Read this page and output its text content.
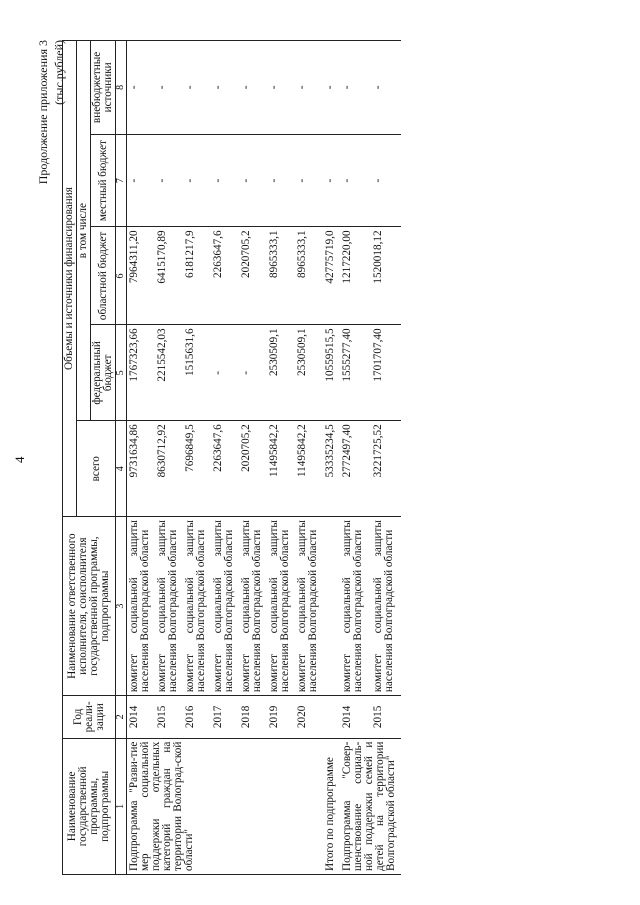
4
Продолжение приложения 3 (тыс.рублей)
Наименование государственной программы, подпрограммы	Год реали-зации	Наименование ответственного исполнителя, соисполнителя государственной программы, подпрограммы	Объемы и источники финансирования				
			всего	в том числе			
				федеральный бюджет	областной бюджет	местный бюджет	внебюджетные источники
1	2	3	4	5	6	7	8
Подпрограмма "Разви-тие мер социальной поддержки отдельных категорий граждан на территории Волоград-ской области"	2014	комитет социальной защиты населения Волгоградской области	9731634,86	1767323,66	7964311,20	-	-
	2015	комитет социальной защиты населения Волгоградской области	8630712,92	2215542,03	6415170,89	-	-
	2016	комитет социальной защиты населения Волгоградской области	7696849,5	1515631,6	6181217,9	-	-
	2017	комитет социальной защиты населения Волгоградской области	2263647,6	-	2263647,6	-	-
	2018	комитет социальной защиты населения Волгоградской области	2020705,2	-	2020705,2	-	-
	2019	комитет социальной защиты населения Волгоградской области	11495842,2	2530509,1	8965333,1	-	-
	2020	комитет социальной защиты населения Волгоградской области	11495842,2	2530509,1	8965333,1	-	-
Итого по подпрограмме			53335234,5	10559515,5	42775719,0	-	-
Подпрограмма "Совер-шенствование социаль-ной поддержки семей и детей на территории Волгоградской области"	2014	комитет социальной защиты населения Волгоградской области	2772497,40	1555277,40	1217220,00	-	-
	2015	комитет социальной защиты населения Волгоградской области	3221725,52	1701707,40	1520018,12	-	-
